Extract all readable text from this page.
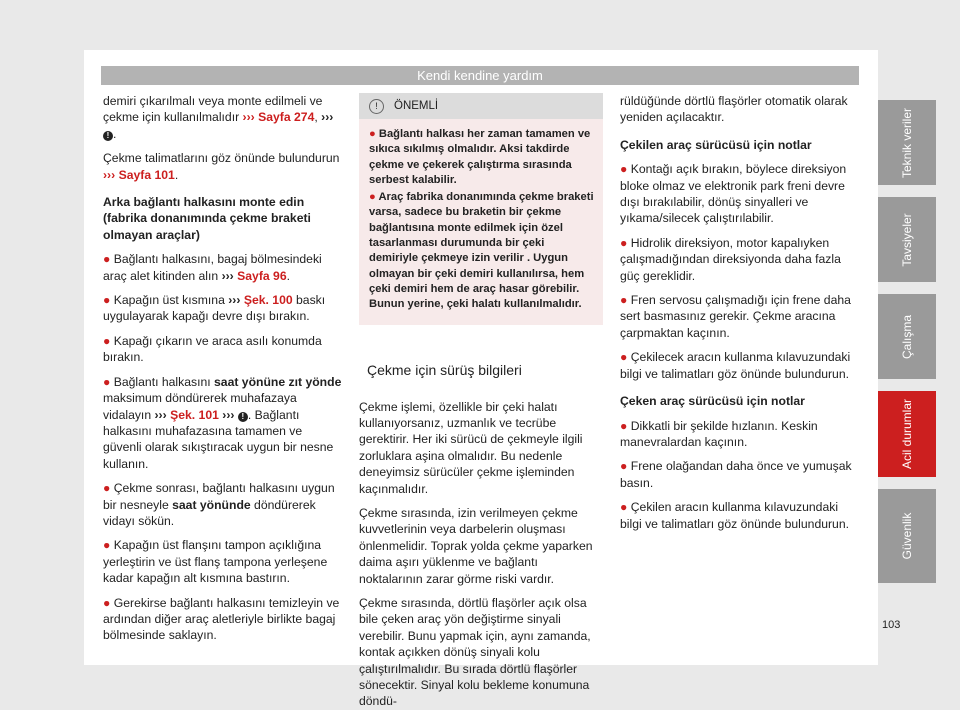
Kendi kendine yardım

demiri çıkarılmalı veya monte edilmeli ve çekme için kullanılmalıdır ››› Sayfa 274, ››› ! .

Çekme talimatlarını göz önünde bulundurun ››› Sayfa 101.

Arka bağlantı halkasını monte edin (fabrika donanımında çekme braketi olmayan araçlar)

● Bağlantı halkasını, bagaj bölmesindeki araç alet kitinden alın ››› Sayfa 96.

● Kapağın üst kısmına ››› Şek. 100 baskı uygulayarak kapağı devre dışı bırakın.

● Kapağı çıkarın ve araca asılı konumda bırakın.

● Bağlantı halkasını saat yönüne zıt yönde maksimum döndürerek muhafazaya vidalayın ››› Şek. 101 ››› ! . Bağlantı halkasını muhafazasına tamamen ve güvenli olarak sıkıştıracak uygun bir nesne kullanın.

● Çekme sonrası, bağlantı halkasını uygun bir nesneyle saat yönünde döndürerek vidayı sökün.

● Kapağın üst flanşını tampon açıklığına yerleştirin ve üst flanş tampona yerleşene kadar kapağın alt kısmına bastırın.

● Gerekirse bağlantı halkasını temizleyin ve ardından diğer araç aletleriyle birlikte bagaj bölmesinde saklayın.

!	ÖNEMLİ

● Bağlantı halkası her zaman tamamen ve sıkıca sıkılmış olmalıdır. Aksi takdirde çekme ve çekerek çalıştırma sırasında serbest kalabilir.

● Araç fabrika donanımında çekme braketi varsa, sadece bu braketin bir çekme bağlantısına monte edilmek için özel tasarlanması durumunda bir çeki demiriyle çekmeye izin verilir . Uygun olmayan bir çeki demiri kullanılırsa, hem çeki demiri hem de araç hasar görebilir. Bunun yerine, çeki halatı kullanılmalıdır.

Çekme için sürüş bilgileri

Çekme işlemi, özellikle bir çeki halatı kullanıyorsanız, uzmanlık ve tecrübe gerektirir. Her iki sürücü de çekmeyle ilgili zorluklara aşina olmalıdır. Bu nedenle deneyimsiz sürücüler çekme işleminden kaçınmalıdır.

Çekme sırasında, izin verilmeyen çekme kuvvetlerinin veya darbelerin oluşması önlenmelidir. Toprak yolda çekme yaparken daima aşırı yüklenme ve bağlantı noktalarının zarar görme riski vardır.

Çekme sırasında, dörtlü flaşörler açık olsa bile çeken araç yön değiştirme sinyali verebilir. Bunu yapmak için, aynı zamanda, kontak açıkken dönüş sinyali kolu çalıştırılmalıdır. Bu sırada dörtlü flaşörler sönecektir. Sinyal kolu bekleme konumuna döndü-

rüldüğünde dörtlü flaşörler otomatik olarak yeniden açılacaktır.

Çekilen araç sürücüsü için notlar

● Kontağı açık bırakın, böylece direksiyon bloke olmaz ve elektronik park freni devre dışı bırakılabilir, dönüş sinyalleri ve yıkama/silecek çalıştırılabilir.

● Hidrolik direksiyon, motor kapalıyken çalışmadığından direksiyonda daha fazla güç gereklidir.

● Fren servosu çalışmadığı için frene daha sert basmasınız gerekir. Çekme aracına çarpmaktan kaçının.

● Çekilecek aracın kullanma kılavuzundaki bilgi ve talimatları göz önünde bulundurun.

Çeken araç sürücüsü için notlar

● Dikkatli bir şekilde hızlanın. Keskin manevralardan kaçının.

● Frene olağandan daha önce ve yumuşak basın.

● Çekilen aracın kullanma kılavuzundaki bilgi ve talimatları göz önünde bulundurun.

Teknik veriler
Tavsiyeler
Çalışma
Acil durumlar
Güvenlik
103
